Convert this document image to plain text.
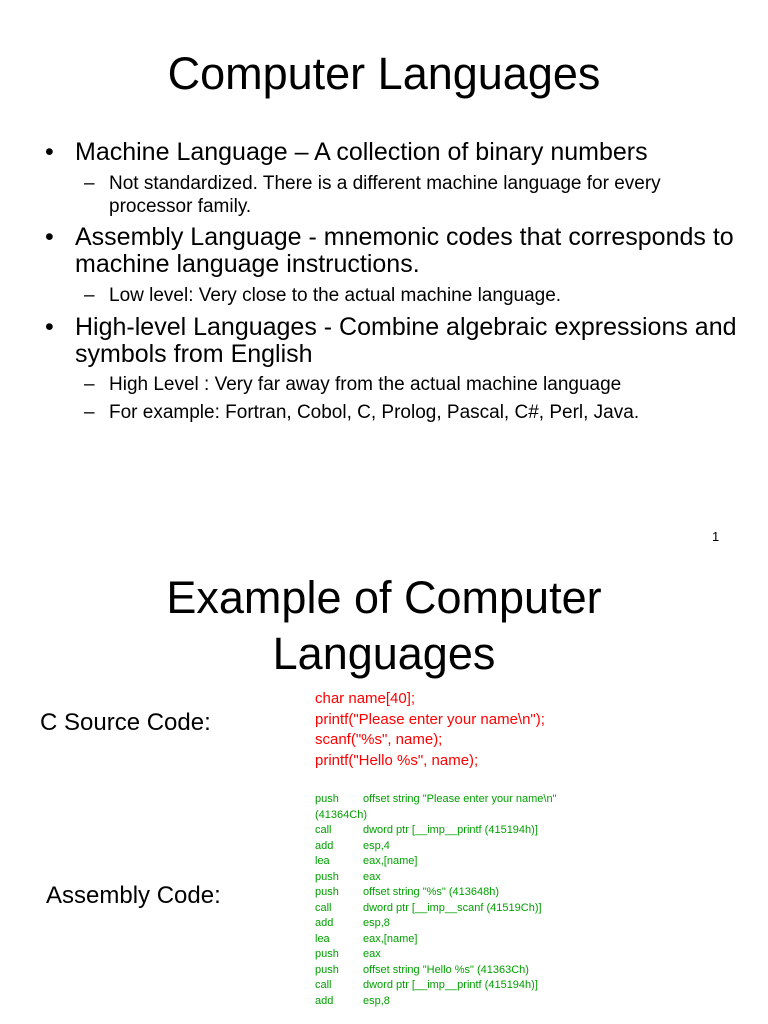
Computer Languages
• Machine Language – A collection of binary numbers
– Not standardized. There is a different machine language for every processor family.
• Assembly Language - mnemonic codes that corresponds to machine language instructions.
– Low level: Very close to the actual machine language.
• High-level Languages - Combine algebraic expressions and symbols from English
– High Level : Very far away from the actual machine language
– For example: Fortran, Cobol, C, Prolog, Pascal, C#, Perl, Java.
1
Example of Computer
Languages
C Source Code:
char name[40];
printf("Please enter your name\n");
scanf("%s", name);
printf("Hello %s", name);
Assembly Code:
push offset string "Please enter your name\n"
(41364Ch)
call	dword ptr [__imp__printf (415194h)]
add	esp,4
lea	eax,[name]
push eax
push offset string "%s" (413648h)
call	dword ptr [__imp__scanf (41519Ch)]
add	esp,8
lea	eax,[name]
push eax
push offset string "Hello %s" (41363Ch)
call	dword ptr [__imp__printf (415194h)]
add	esp,8
